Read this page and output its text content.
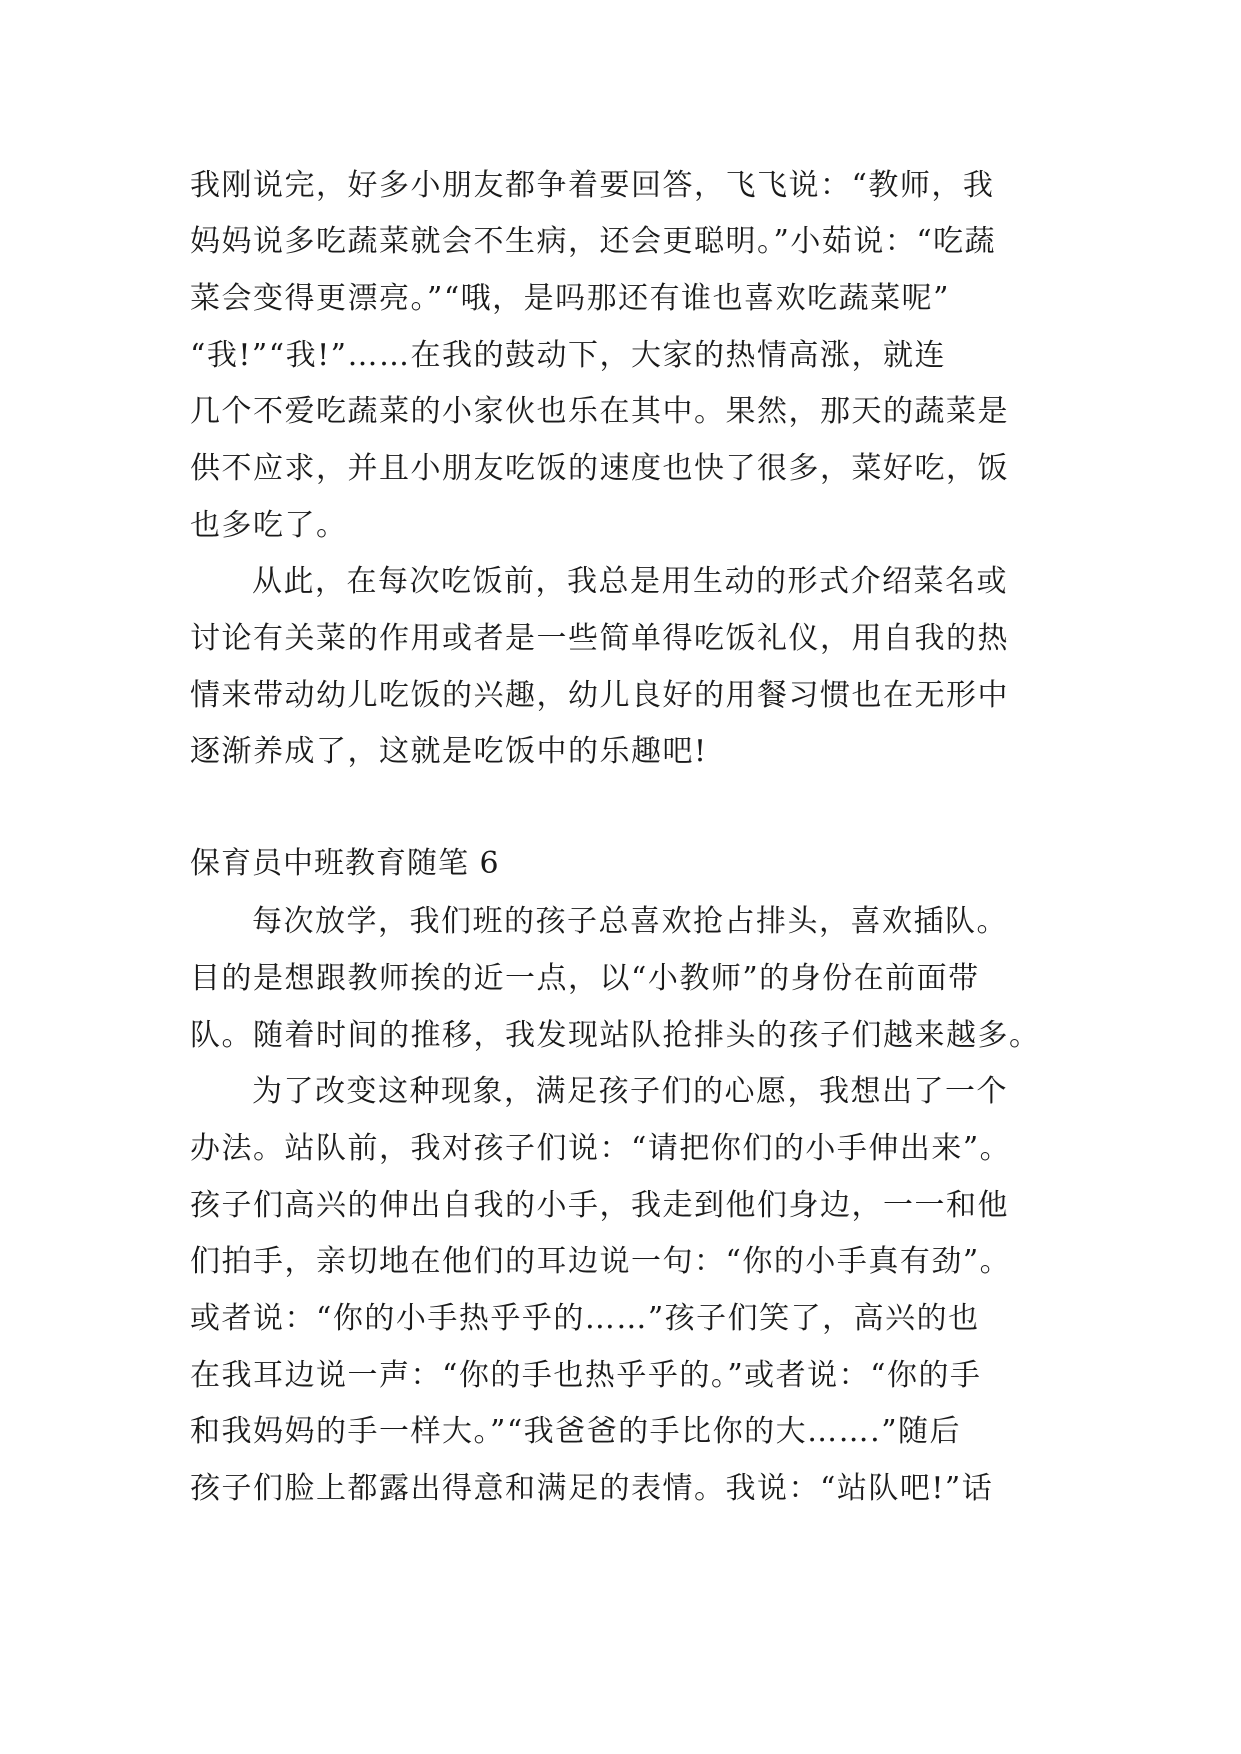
我刚说完，好多小朋友都争着要回答，飞飞说：“教师，我
妈妈说多吃蔬菜就会不生病，还会更聪明。”小茹说：“吃蔬
菜会变得更漂亮。”“哦，是吗那还有谁也喜欢吃蔬菜呢”
“我!”“我!”……在我的鼓动下，大家的热情高涨，就连
几个不爱吃蔬菜的小家伙也乐在其中。果然，那天的蔬菜是
供不应求，并且小朋友吃饭的速度也快了很多，菜好吃，饭
也多吃了。
从此，在每次吃饭前，我总是用生动的形式介绍菜名或
讨论有关菜的作用或者是一些简单得吃饭礼仪，用自我的热
情来带动幼儿吃饭的兴趣，幼儿良好的用餐习惯也在无形中
逐渐养成了，这就是吃饭中的乐趣吧!
保育员中班教育随笔 6
每次放学，我们班的孩子总喜欢抢占排头，喜欢插队。
目的是想跟教师挨的近一点，以“小教师”的身份在前面带
队。随着时间的推移，我发现站队抢排头的孩子们越来越多。
为了改变这种现象，满足孩子们的心愿，我想出了一个
办法。站队前，我对孩子们说：“请把你们的小手伸出来”。
孩子们高兴的伸出自我的小手，我走到他们身边，一一和他
们拍手，亲切地在他们的耳边说一句：“你的小手真有劲”。
或者说：“你的小手热乎乎的……”孩子们笑了，高兴的也
在我耳边说一声：“你的手也热乎乎的。”或者说：“你的手
和我妈妈的手一样大。”“我爸爸的手比你的大…….”随后
孩子们脸上都露出得意和满足的表情。我说：“站队吧!”话
